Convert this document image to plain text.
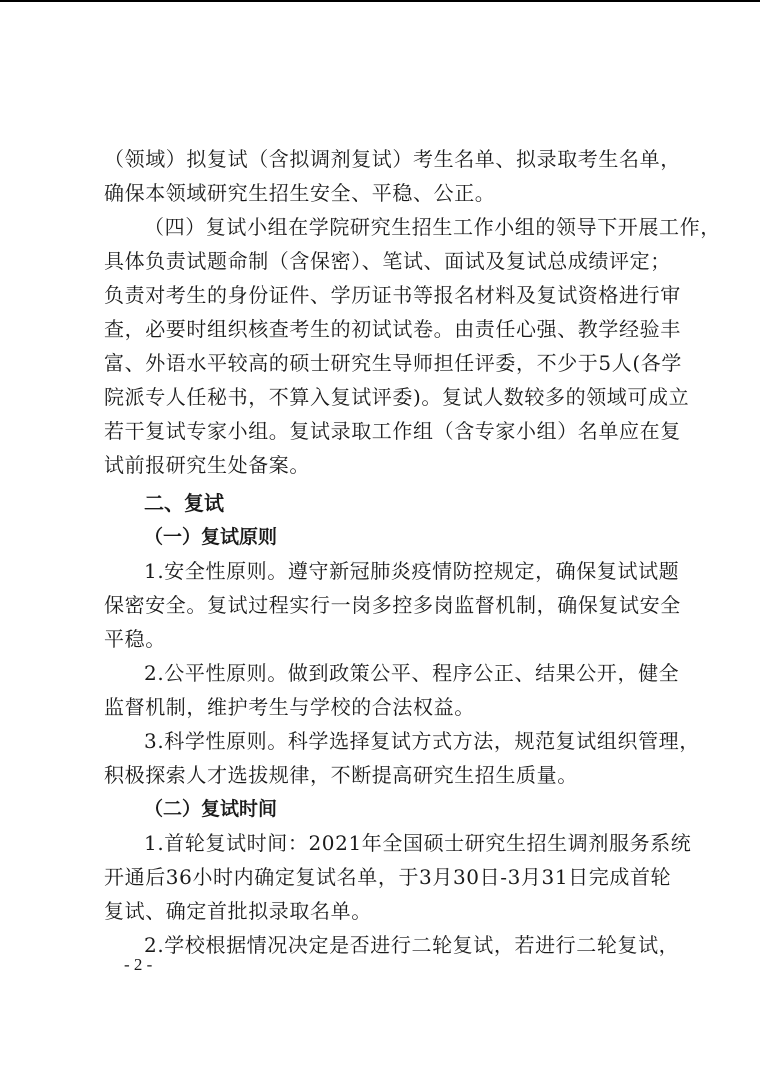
（领域）拟复试（含拟调剂复试）考生名单、拟录取考生名单，
确保本领域研究生招生安全、平稳、公正。
（四）复试小组在学院研究生招生工作小组的领导下开展工作，
具体负责试题命制（含保密）、笔试、面试及复试总成绩评定；
负责对考生的身份证件、学历证书等报名材料及复试资格进行审
查，必要时组织核查考生的初试试卷。由责任心强、教学经验丰
富、外语水平较高的硕士研究生导师担任评委，不少于5人(各学
院派专人任秘书，不算入复试评委)。复试人数较多的领域可成立
若干复试专家小组。复试录取工作组（含专家小组）名单应在复
试前报研究生处备案。
二、复试
（一）复试原则
1.安全性原则。遵守新冠肺炎疫情防控规定，确保复试试题
保密安全。复试过程实行一岗多控多岗监督机制，确保复试安全
平稳。
2.公平性原则。做到政策公平、程序公正、结果公开，健全
监督机制，维护考生与学校的合法权益。
3.科学性原则。科学选择复试方式方法，规范复试组织管理，
积极探索人才选拔规律，不断提高研究生招生质量。
（二）复试时间
1.首轮复试时间：2021年全国硕士研究生招生调剂服务系统
开通后36小时内确定复试名单，于3月30日-3月31日完成首轮
复试、确定首批拟录取名单。
2.学校根据情况决定是否进行二轮复试，若进行二轮复试，
- 2 -
